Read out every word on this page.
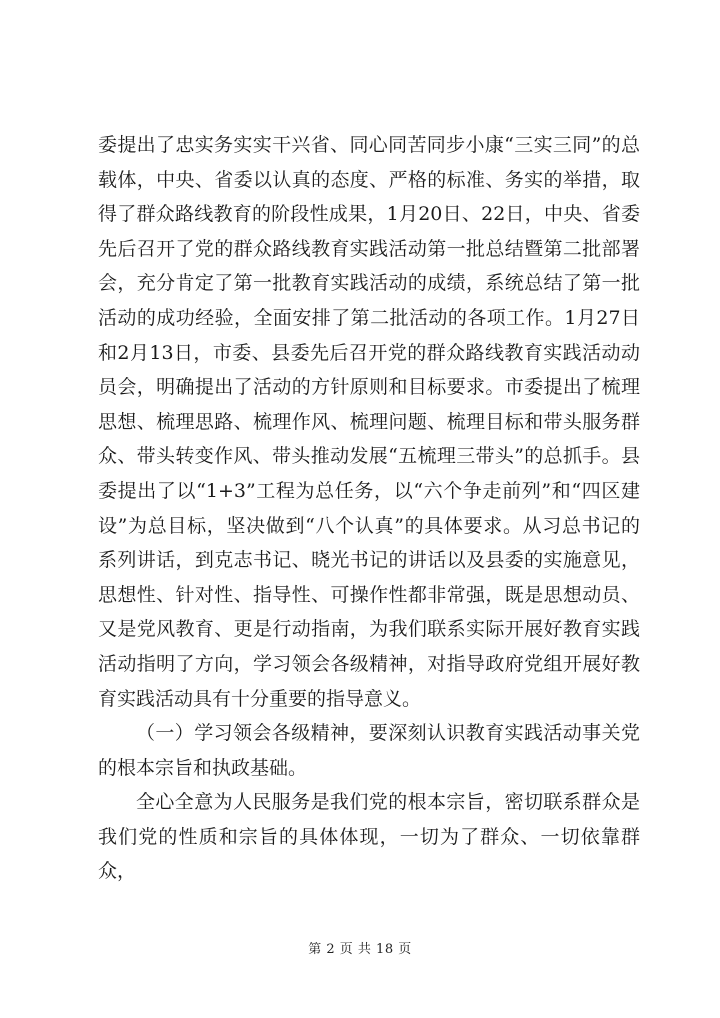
委提出了忠实务实实干兴省、同心同苦同步小康“三实三同”的总载体，中央、省委以认真的态度、严格的标准、务实的举措，取得了群众路线教育的阶段性成果，1月20日、22日，中央、省委先后召开了党的群众路线教育实践活动第一批总结暨第二批部署会，充分肯定了第一批教育实践活动的成绩，系统总结了第一批活动的成功经验，全面安排了第二批活动的各项工作。1月27日和2月13日，市委、县委先后召开党的群众路线教育实践活动动员会，明确提出了活动的方针原则和目标要求。市委提出了梳理思想、梳理思路、梳理作风、梳理问题、梳理目标和带头服务群众、带头转变作风、带头推动发展“五梳理三带头”的总抓手。县委提出了以“1+3”工程为总任务，以“六个争走前列”和“四区建设”为总目标，坚决做到“八个认真”的具体要求。从习总书记的系列讲话，到克志书记、晓光书记的讲话以及县委的实施意见，思想性、针对性、指导性、可操作性都非常强，既是思想动员、又是党风教育、更是行动指南，为我们联系实际开展好教育实践活动指明了方向，学习领会各级精神，对指导政府党组开展好教育实践活动具有十分重要的指导意义。

（一）学习领会各级精神，要深刻认识教育实践活动事关党的根本宗旨和执政基础。

全心全意为人民服务是我们党的根本宗旨，密切联系群众是我们党的性质和宗旨的具体体现，一切为了群众、一切依靠群众，

第 2 页 共 18 页
